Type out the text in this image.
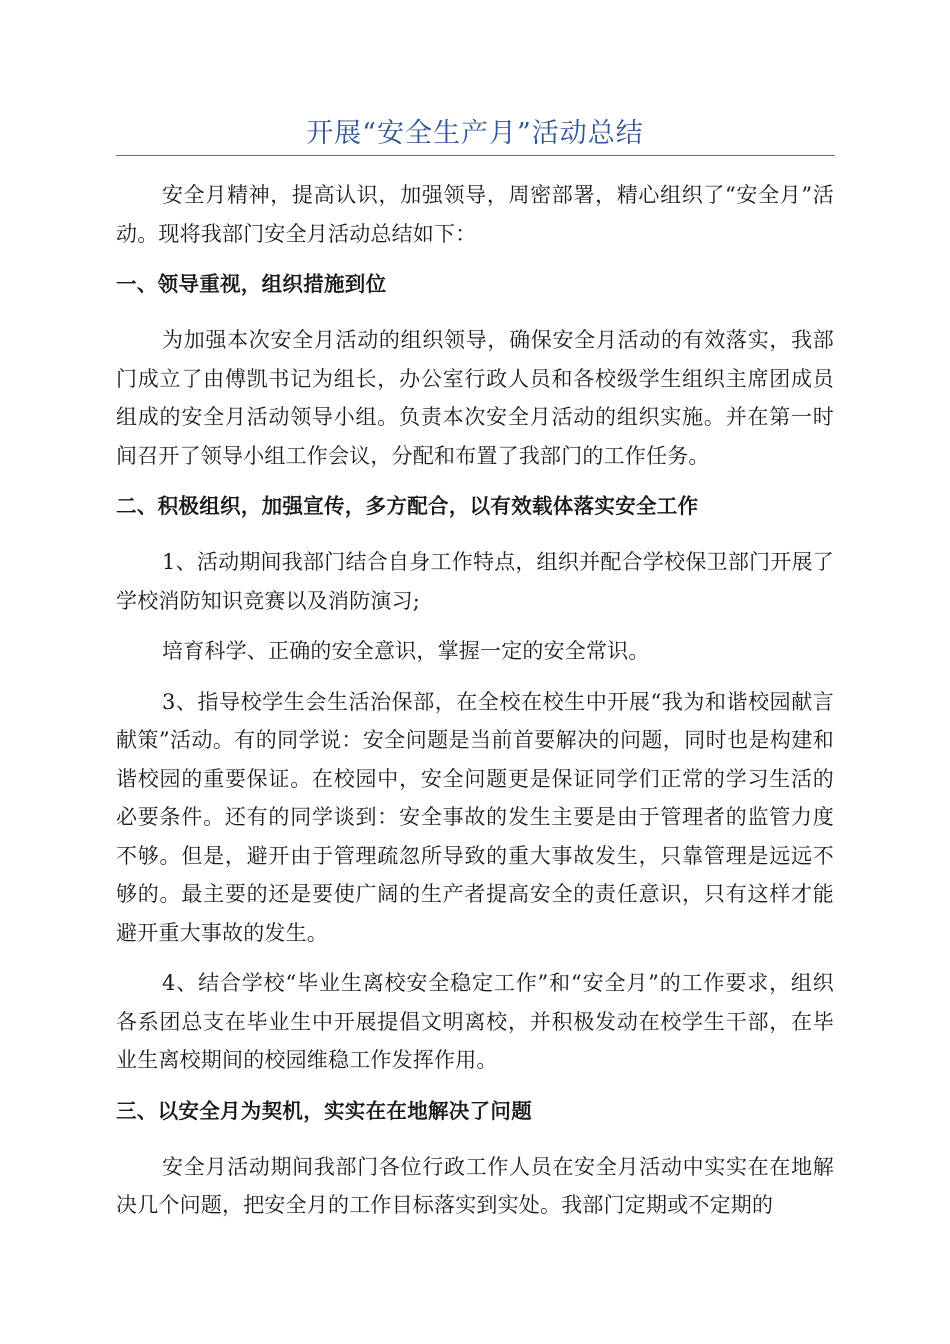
开展“安全生产月”活动总结

安全月精神，提高认识，加强领导，周密部署，精心组织了“安全月”活动。现将我部门安全月活动总结如下：

一、领导重视，组织措施到位

为加强本次安全月活动的组织领导，确保安全月活动的有效落实，我部门成立了由傅凯书记为组长，办公室行政人员和各校级学生组织主席团成员组成的安全月活动领导小组。负责本次安全月活动的组织实施。并在第一时间召开了领导小组工作会议，分配和布置了我部门的工作任务。

二、积极组织，加强宣传，多方配合，以有效载体落实安全工作

1、活动期间我部门结合自身工作特点，组织并配合学校保卫部门开展了学校消防知识竞赛以及消防演习;

培育科学、正确的安全意识，掌握一定的安全常识。

3、指导校学生会生活治保部，在全校在校生中开展“我为和谐校园献言献策”活动。有的同学说：安全问题是当前首要解决的问题，同时也是构建和谐校园的重要保证。在校园中，安全问题更是保证同学们正常的学习生活的必要条件。还有的同学谈到：安全事故的发生主要是由于管理者的监管力度不够。但是，避开由于管理疏忽所导致的重大事故发生，只靠管理是远远不够的。最主要的还是要使广阔的生产者提高安全的责任意识，只有这样才能避开重大事故的发生。

4、结合学校“毕业生离校安全稳定工作”和“安全月”的工作要求，组织各系团总支在毕业生中开展提倡文明离校，并积极发动在校学生干部，在毕业生离校期间的校园维稳工作发挥作用。

三、以安全月为契机，实实在在地解决了问题

安全月活动期间我部门各位行政工作人员在安全月活动中实实在在地解决几个问题，把安全月的工作目标落实到实处。我部门定期或不定期的
